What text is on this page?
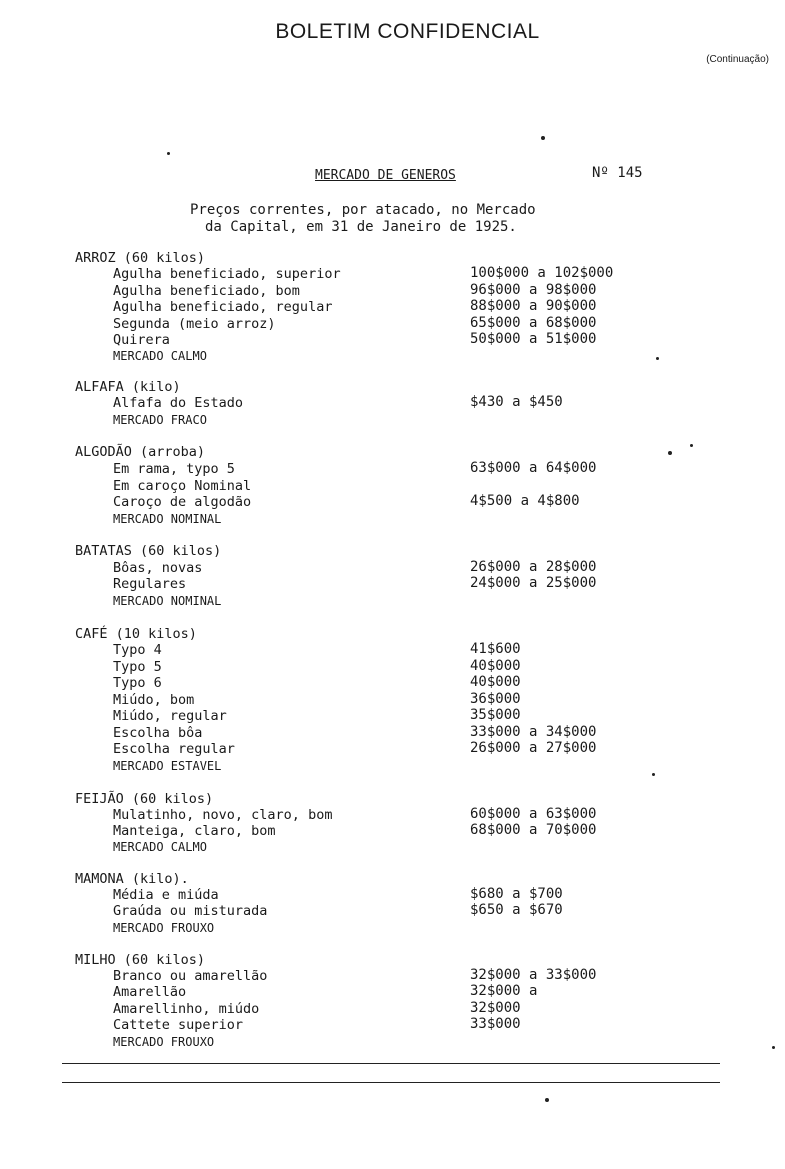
BOLETIM CONFIDENCIAL
(Continuação)
MERCADO DE GENEROS	Nº 145
Preços correntes, por atacado, no Mercado
da Capital, em 31 de Janeiro de 1925.
ARROZ (60 kilos)
Agulha beneficiado, superior	100$000 a 102$000
Agulha beneficiado, bom	96$000 a 98$000
Agulha beneficiado, regular	88$000 a 90$000
Segunda (meio arroz)	65$000 a 68$000
Quirera	50$000 a 51$000
MERCADO CALMO
ALFAFA (kilo)
Alfafa do Estado	$430 a $450
MERCADO FRACO
ALGODÃO (arroba)
Em rama, typo 5	63$000 a 64$000
Em caroço Nominal
Caroço de algodão	4$500 a 4$800
MERCADO NOMINAL
BATATAS (60 kilos)
Bôas, novas	26$000 a 28$000
Regulares	24$000 a 25$000
MERCADO NOMINAL
CAFÉ (10 kilos)
Typo 4	41$600
Typo 5	40$000
Typo 6	40$000
Miúdo, bom	36$000
Miúdo, regular	35$000
Escolha bôa	33$000 a 34$000
Escolha regular	26$000 a 27$000
MERCADO ESTAVEL
FEIJÃO (60 kilos)
Mulatinho, novo, claro, bom	60$000 a 63$000
Manteiga, claro, bom	68$000 a 70$000
MERCADO CALMO
MAMONA (kilo).
Média e miúda	$680 a $700
Graúda ou misturada	$650 a $670
MERCADO FROUXO
MILHO (60 kilos)
Branco ou amarellão	32$000 a 33$000
Amarellão	32$000 a
Amarellinho, miúdo	32$000
Cattete superior	33$000
MERCADO FROUXO
